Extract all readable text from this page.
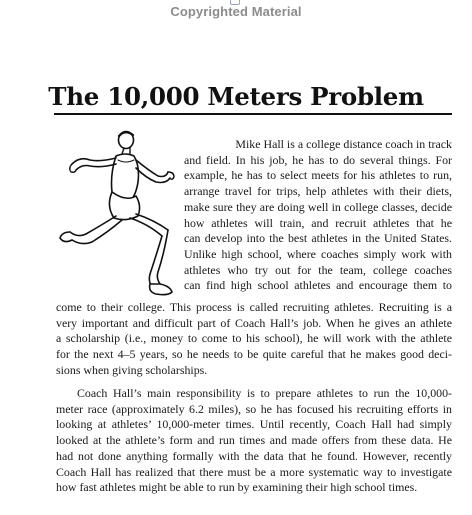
Copyrighted Material
The 10,000 Meters Problem
Mike Hall is a college distance coach in track
and field. In his job, he has to do several things. For
example, he has to select meets for his athletes to run,
arrange travel for trips, help athletes with their diets,
make sure they are doing well in college classes, decide
how athletes will train, and recruit athletes that he
can develop into the best athletes in the United States.
Unlike high school, where coaches simply work with
athletes who try out for the team, college coaches
can find high school athletes and encourage them to
come to their college. This process is called recruiting athletes. Recruiting is a
very important and difficult part of Coach Hall’s job. When he gives an athlete
a scholarship (i.e., money to come to his school), he will work with the athlete
for the next 4–5 years, so he needs to be quite careful that he makes good deci-
sions when giving scholarships.
Coach Hall’s main responsibility is to prepare athletes to run the 10,000-
meter race (approximately 6.2 miles), so he has focused his recruiting efforts in
looking at athletes’ 10,000-meter times. Until recently, Coach Hall had simply
looked at the athlete’s form and run times and made offers from these data. He
had not done anything formally with the data that he found. However, recently
Coach Hall has realized that there must be a more systematic way to investigate
how fast athletes might be able to run by examining their high school times.
